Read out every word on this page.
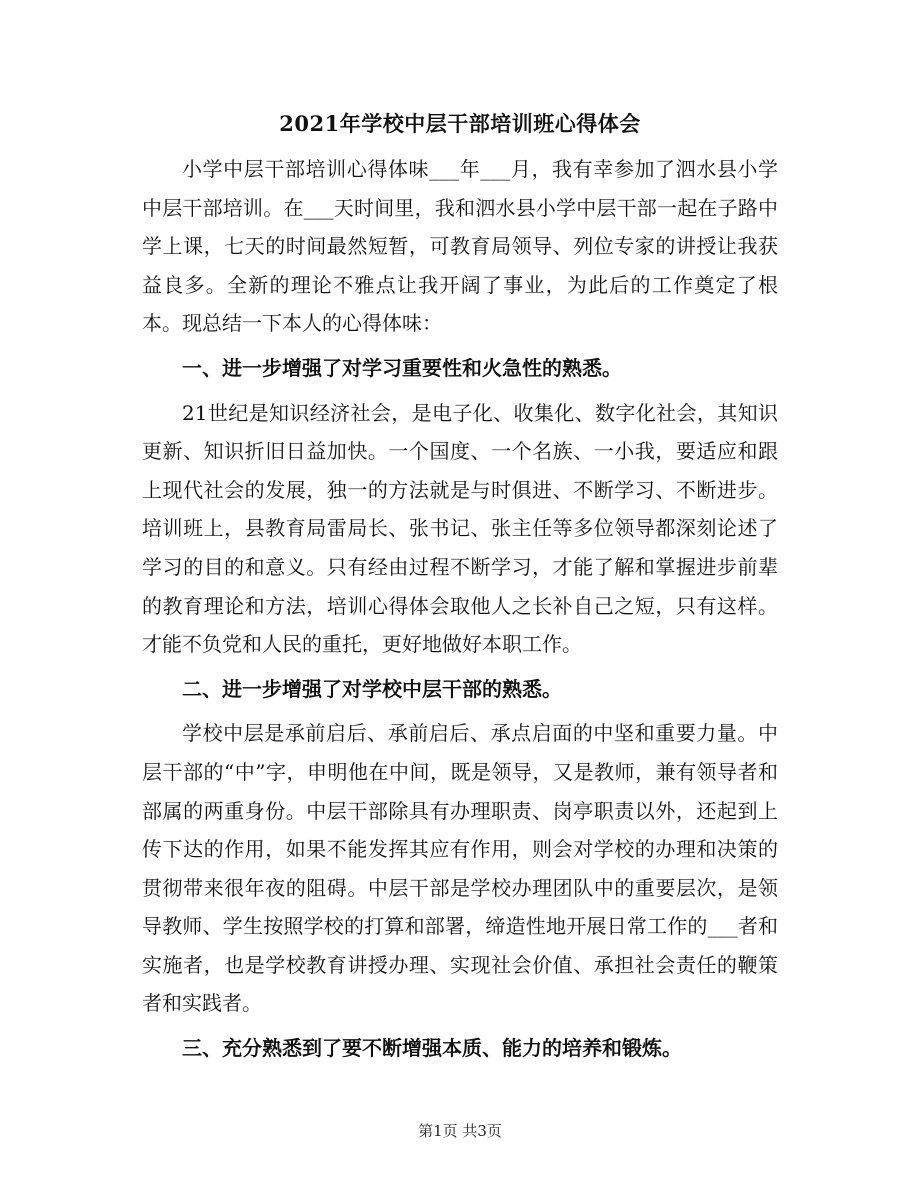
2021年学校中层干部培训班心得体会

小学中层干部培训心得体味___年___月，我有幸参加了泗水县小学中层干部培训。在___天时间里，我和泗水县小学中层干部一起在子路中学上课，七天的时间最然短暂，可教育局领导、列位专家的讲授让我获益良多。全新的理论不雅点让我开阔了事业，为此后的工作奠定了根本。现总结一下本人的心得体味：

一、进一步增强了对学习重要性和火急性的熟悉。

21世纪是知识经济社会，是电子化、收集化、数字化社会，其知识更新、知识折旧日益加快。一个国度、一个名族、一小我，要适应和跟上现代社会的发展，独一的方法就是与时俱进、不断学习、不断进步。培训班上，县教育局雷局长、张书记、张主任等多位领导都深刻论述了学习的目的和意义。只有经由过程不断学习，才能了解和掌握进步前辈的教育理论和方法，培训心得体会取他人之长补自己之短，只有这样。才能不负党和人民的重托，更好地做好本职工作。

二、进一步增强了对学校中层干部的熟悉。

学校中层是承前启后、承前启后、承点启面的中坚和重要力量。中层干部的“中”字，申明他在中间，既是领导，又是教师，兼有领导者和部属的两重身份。中层干部除具有办理职责、岗亭职责以外，还起到上传下达的作用，如果不能发挥其应有作用，则会对学校的办理和决策的贯彻带来很年夜的阻碍。中层干部是学校办理团队中的重要层次，是领导教师、学生按照学校的打算和部署，缔造性地开展日常工作的___者和实施者，也是学校教育讲授办理、实现社会价值、承担社会责任的鞭策者和实践者。

三、充分熟悉到了要不断增强本质、能力的培养和锻炼。

第1页 共3页
